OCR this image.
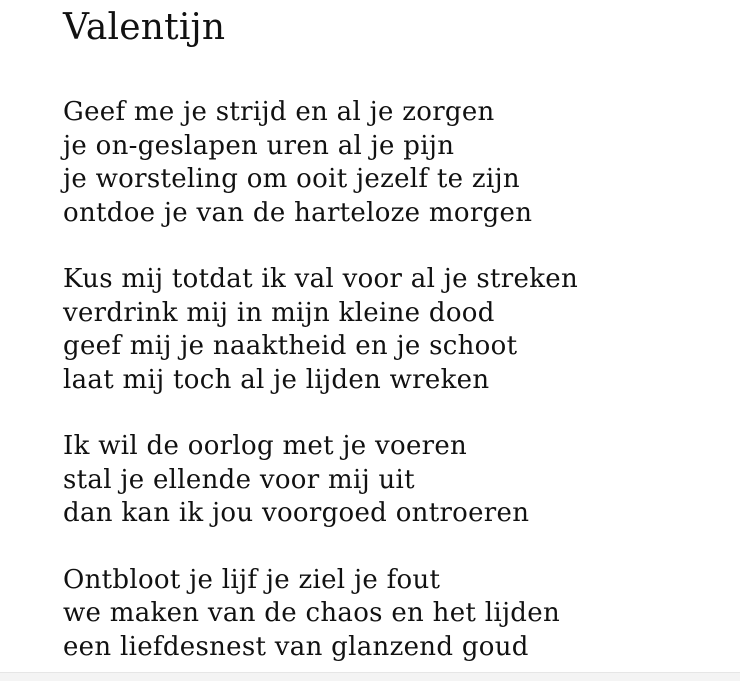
Valentijn
Geef me je strijd en al je zorgen
je on-geslapen uren al je pijn
je worsteling om ooit jezelf te zijn
ontdoe je van de harteloze morgen
Kus mij totdat ik val voor al je streken
verdrink mij in mijn kleine dood
geef mij je naaktheid en je schoot
laat mij toch al je lijden wreken
Ik wil de oorlog met je voeren
stal je ellende voor mij uit
dan kan ik jou voorgoed ontroeren
Ontbloot je lijf je ziel je fout
we maken van de chaos en het lijden
een liefdesnest van glanzend goud
